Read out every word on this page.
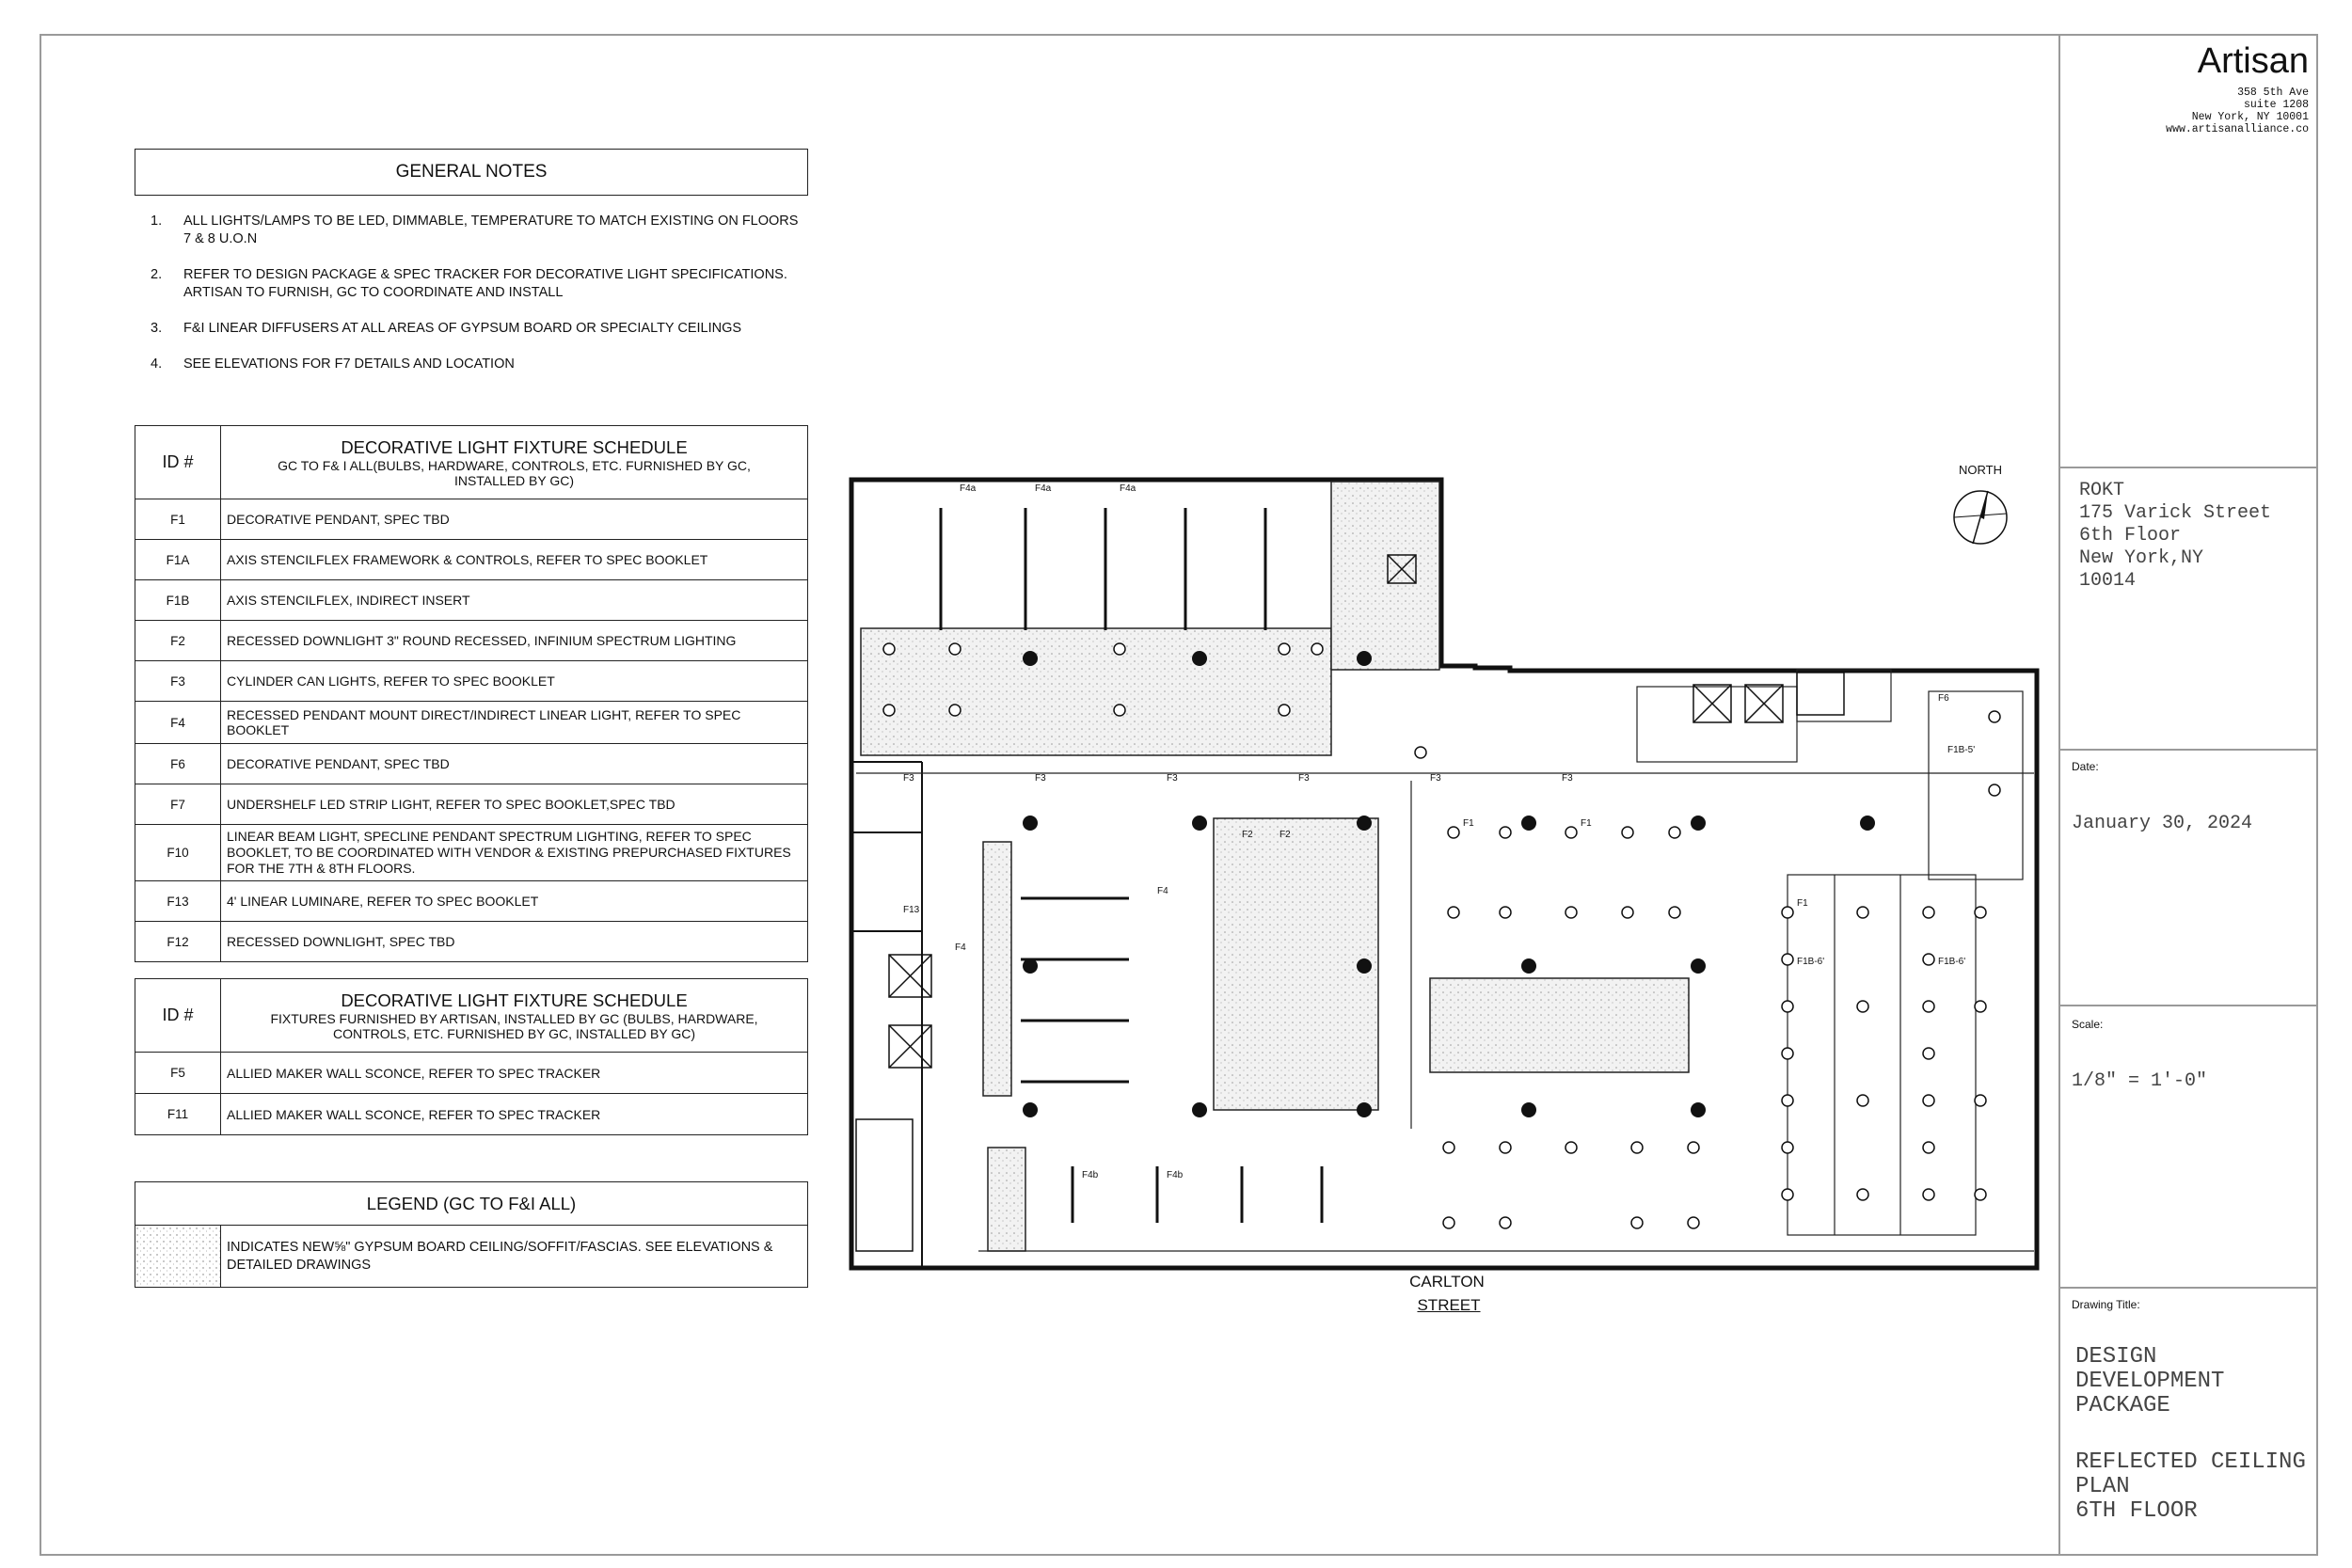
GENERAL NOTES
1.	ALL LIGHTS/LAMPS TO BE LED, DIMMABLE, TEMPERATURE TO MATCH EXISTING ON FLOORS 7 & 8 U.O.N
2.	REFER TO DESIGN PACKAGE & SPEC TRACKER FOR DECORATIVE LIGHT SPECIFICATIONS. ARTISAN TO FURNISH, GC TO COORDINATE AND INSTALL
3.	F&I LINEAR DIFFUSERS AT ALL AREAS OF GYPSUM BOARD OR SPECIALTY CEILINGS
4.	SEE ELEVATIONS FOR F7 DETAILS AND LOCATION
ID #	DECORATIVE LIGHT FIXTURE SCHEDULE
GC TO F& I ALL(BULBS, HARDWARE, CONTROLS, ETC. FURNISHED BY GC, INSTALLED BY GC)

F1	DECORATIVE PENDANT, SPEC TBD
F1A	AXIS STENCILFLEX FRAMEWORK & CONTROLS, REFER TO SPEC BOOKLET
F1B	AXIS STENCILFLEX, INDIRECT INSERT
F2	RECESSED DOWNLIGHT 3" ROUND RECESSED, INFINIUM SPECTRUM LIGHTING
F3	CYLINDER CAN LIGHTS, REFER TO SPEC BOOKLET
F4	RECESSED PENDANT MOUNT DIRECT/INDIRECT LINEAR LIGHT, REFER TO SPEC BOOKLET
F6	DECORATIVE PENDANT, SPEC TBD
F7	UNDERSHELF LED STRIP LIGHT, REFER TO SPEC BOOKLET,SPEC TBD
F10	LINEAR BEAM LIGHT, SPECLINE PENDANT SPECTRUM LIGHTING, REFER TO SPEC BOOKLET, TO BE COORDINATED WITH VENDOR & EXISTING PREPURCHASED FIXTURES FOR THE 7TH & 8TH FLOORS.
F13	4' LINEAR LUMINARE, REFER TO SPEC BOOKLET
F12	RECESSED DOWNLIGHT, SPEC TBD
ID #	DECORATIVE LIGHT FIXTURE SCHEDULE
FIXTURES FURNISHED BY ARTISAN, INSTALLED BY GC (BULBS, HARDWARE, CONTROLS, ETC. FURNISHED BY GC, INSTALLED BY GC)

F5	ALLIED MAKER WALL SCONCE, REFER TO SPEC TRACKER
F11	ALLIED MAKER WALL SCONCE, REFER TO SPEC TRACKER
LEGEND (GC TO F&I ALL)

	INDICATES NEW⅝" GYPSUM BOARD CEILING/SOFFIT/FASCIAS. SEE ELEVATIONS & DETAILED DRAWINGS
F4a	F4a	F4a
F3	F3	F3	F3	F3	F3
F4
F4
F2	F2
F1	F1
F1
F1B-6'	F1B-6'
F6
F1B-5'
F4b	F4b
F13
CARLTON
STREET
NORTH
Artisan
358 5th Ave
suite 1208
New York, NY 10001
www.artisanalliance.co
ROKT
175 Varick Street
6th Floor
New York,NY
10014
Date:
January 30, 2024
Scale:
1/8" = 1'-0"
Drawing Title:
DESIGN
DEVELOPMENT
PACKAGE
REFLECTED CEILING
PLAN
6TH FLOOR
